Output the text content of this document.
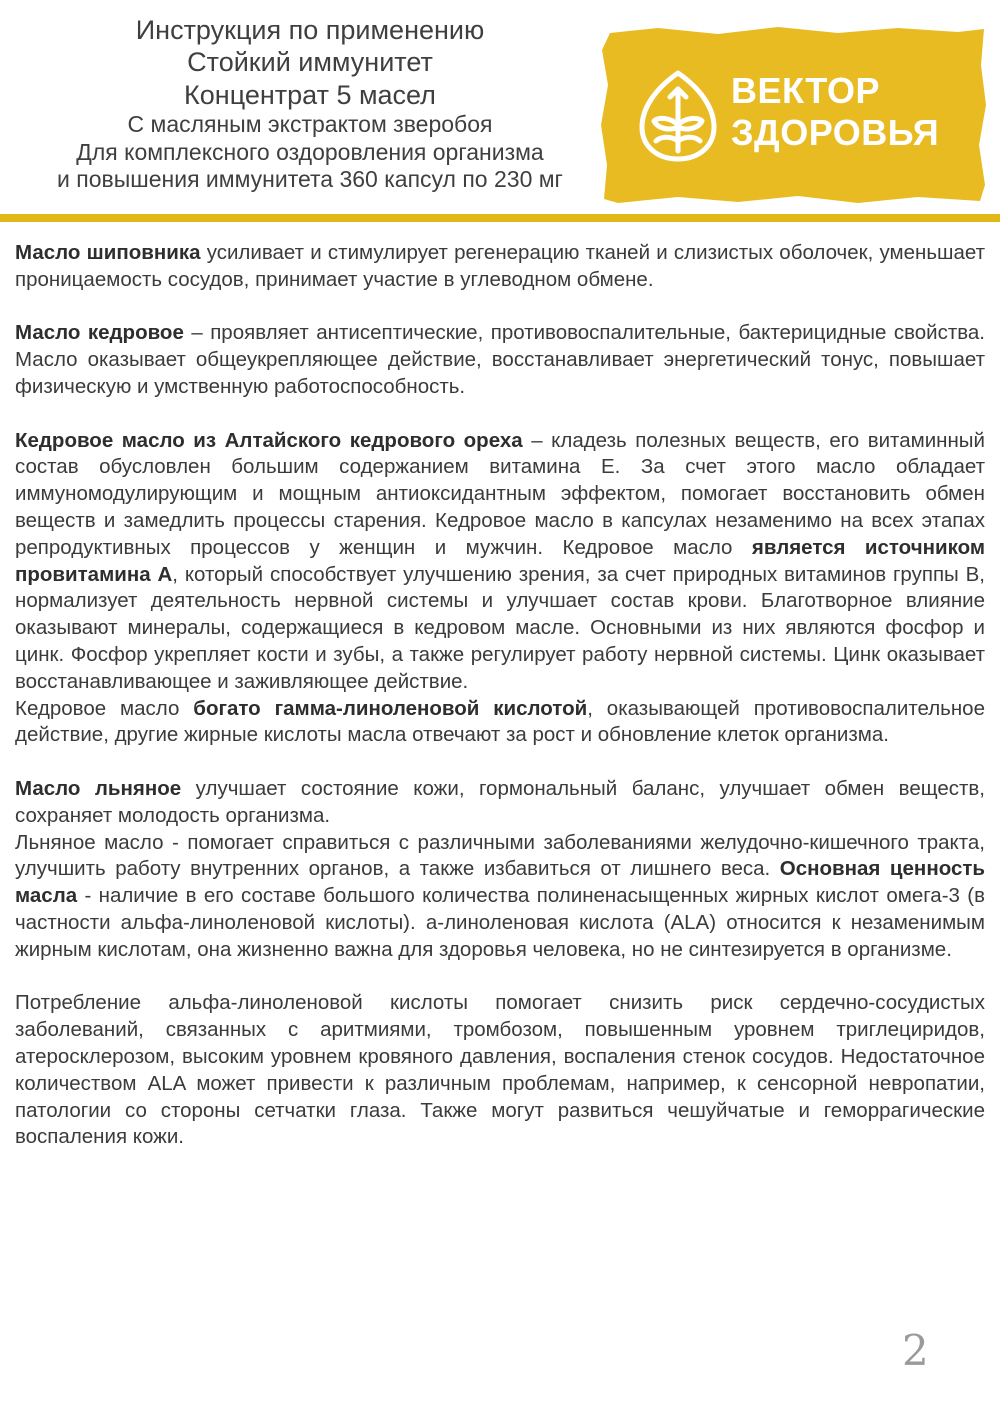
Инструкция по применению
Стойкий иммунитет
Концентрат 5 масел
С масляным экстрактом зверобоя
Для комплексного оздоровления организма
и повышения иммунитета 360 капсул по 230 мг
ВЕКТОР
ЗДОРОВЬЯ

Масло шиповника усиливает и стимулирует регенерацию тканей и слизистых оболочек, уменьшает проницаемость сосудов, принимает участие в углеводном обмене.

Масло кедровое – проявляет антисептические, противовоспалительные, бактерицидные свойства. Масло оказывает общеукрепляющее действие, восстанавливает энергетический тонус, повышает физическую и умственную работоспособность.

Кедровое масло из Алтайского кедрового ореха – кладезь полезных веществ, его витаминный состав обусловлен большим содержанием витамина Е. За счет этого масло обладает иммуномодулирующим и мощным антиоксидантным эффектом, помогает восстановить обмен веществ и замедлить процессы старения. Кедровое масло в капсулах незаменимо на всех этапах репродуктивных процессов у женщин и мужчин. Кедровое масло является источником провитамина А, который способствует улучшению зрения, за счет природных витаминов группы В, нормализует деятельность нервной системы и улучшает состав крови. Благотворное влияние оказывают минералы, содержащиеся в кедровом масле. Основными из них являются фосфор и цинк. Фосфор укрепляет кости и зубы, а также регулирует работу нервной системы. Цинк оказывает восстанавливающее и заживляющее действие.

Кедровое масло богато гамма-линоленовой кислотой, оказывающей противовоспалительное действие, другие жирные кислоты масла отвечают за рост и обновление клеток организма.

Масло льняное улучшает состояние кожи, гормональный баланс, улучшает обмен веществ, сохраняет молодость организма.

Льняное масло - помогает справиться с различными заболеваниями желудочно-кишечного тракта, улучшить работу внутренних органов, а также избавиться от лишнего веса. Основная ценность масла - наличие в его составе большого количества полиненасыщенных жирных кислот омега-3 (в частности альфа-линоленовой кислоты). a-линоленовая кислота (ALA) относится к незаменимым жирным кислотам, она жизненно важна для здоровья человека, но не синтезируется в организме.

Потребление альфа-линоленовой кислоты помогает снизить риск сердечно-сосудистых заболеваний, связанных с аритмиями, тромбозом, повышенным уровнем триглециридов, атеросклерозом, высоким уровнем кровяного давления, воспаления стенок сосудов. Недостаточное количеством ALA может привести к различным проблемам, например, к сенсорной невропатии, патологии со стороны сетчатки глаза. Также могут развиться чешуйчатые и геморрагические воспаления кожи.

2
